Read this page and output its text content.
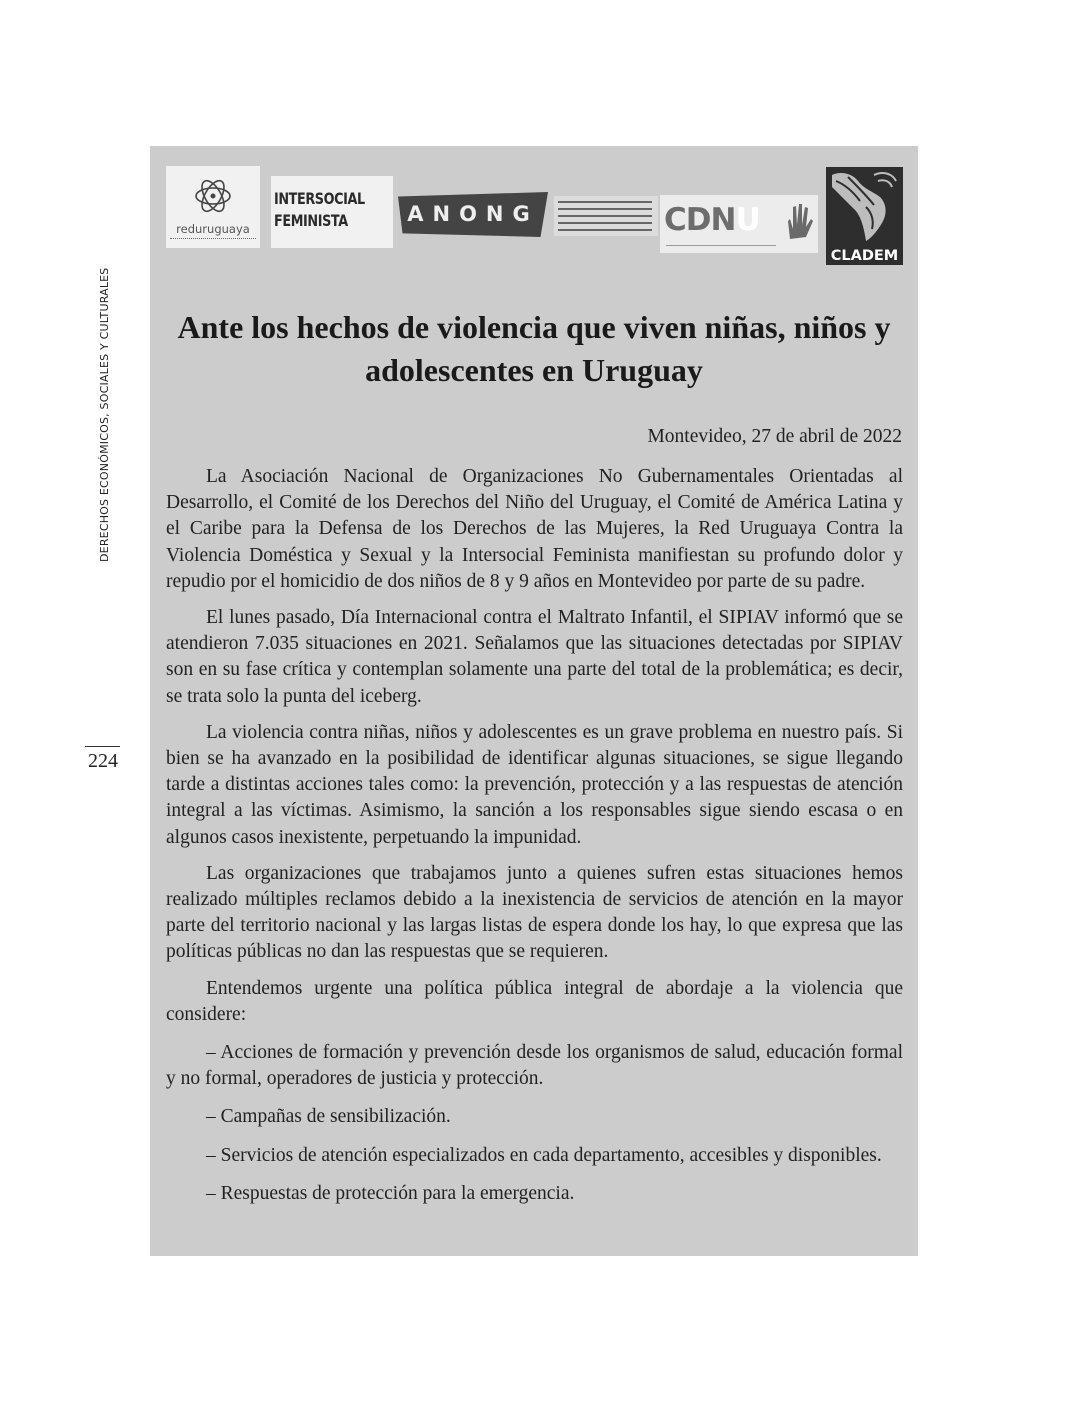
DERECHOS ECONÓMICOS, SOCIALES Y CULTURALES
224
reduruguaya
INTERSOCIAL
FEMINISTA	ANONG	CDNU
CLADEM
Ante los hechos de violencia que viven niñas, niños y adolescentes en Uruguay
Montevideo, 27 de abril de 2022

La Asociación Nacional de Organizaciones No Gubernamentales Orientadas al Desarrollo, el Comité de los Derechos del Niño del Uruguay, el Comité de América Latina y el Caribe para la Defensa de los Derechos de las Mujeres, la Red Uruguaya Contra la Violencia Doméstica y Sexual y la Intersocial Feminista manifiestan su profundo dolor y repudio por el homicidio de dos niños de 8 y 9 años en Montevideo por parte de su padre.

El lunes pasado, Día Internacional contra el Maltrato Infantil, el SIPIAV informó que se atendieron 7.035 situaciones en 2021. Señalamos que las situaciones detectadas por SIPIAV son en su fase crítica y contemplan solamente una parte del total de la problemática; es decir, se trata solo la punta del iceberg.

La violencia contra niñas, niños y adolescentes es un grave problema en nuestro país. Si bien se ha avanzado en la posibilidad de identificar algunas situaciones, se sigue llegando tarde a distintas acciones tales como: la prevención, protección y a las respuestas de atención integral a las víctimas. Asimismo, la sanción a los responsables sigue siendo escasa o en algunos casos inexistente, perpetuando la impunidad.

Las organizaciones que trabajamos junto a quienes sufren estas situaciones hemos realizado múltiples reclamos debido a la inexistencia de servicios de atención en la mayor parte del territorio nacional y las largas listas de espera donde los hay, lo que expresa que las políticas públicas no dan las respuestas que se requieren.

Entendemos urgente una política pública integral de abordaje a la violencia que considere:

– Acciones de formación y prevención desde los organismos de salud, educación formal y no formal, operadores de justicia y protección.
– Campañas de sensibilización.
– Servicios de atención especializados en cada departamento, accesibles y disponibles.
– Respuestas de protección para la emergencia.
